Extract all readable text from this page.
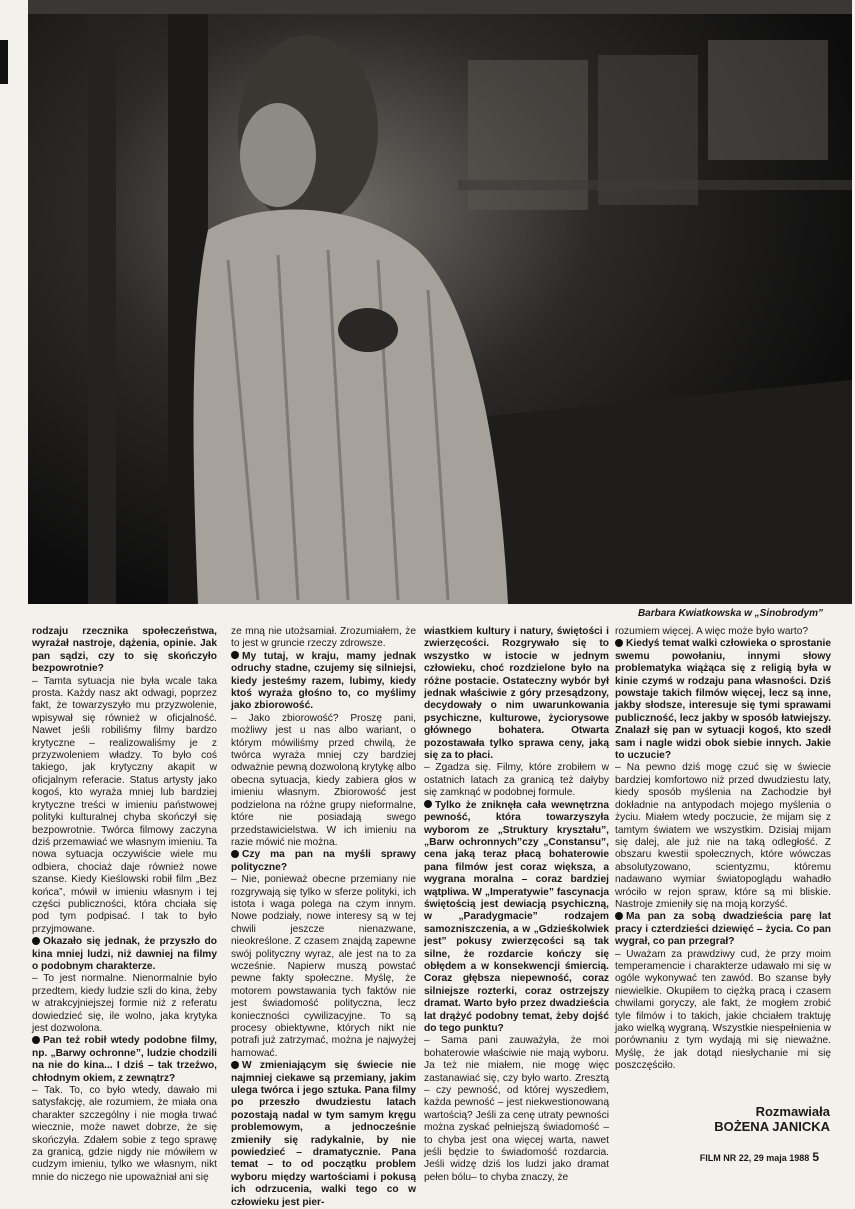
Barbara Kwiatkowska w „Sinobrodym”

rodzaju rzecznika społeczeństwa, wyrażał nastroje, dążenia, opinie. Jak pan sądzi, czy to się skończyło bezpowrotnie?

– Tamta sytuacja nie była wcale taka prosta. Każdy nasz akt odwagi, poprzez fakt, że towarzyszyło mu przyzwolenie, wpisywał się również w oficjalność. Nawet jeśli robiliśmy filmy bardzo krytyczne – realizowaliśmy je z przyzwoleniem władzy. To było coś takiego, jak krytyczny akapit w oficjalnym referacie. Status artysty jako kogoś, kto wyraża mniej lub bardziej krytyczne treści w imieniu państwowej polityki kulturalnej chyba skończył się bezpowrotnie. Twórca filmowy zaczyna dziś przemawiać we własnym imieniu. Ta nowa sytuacja oczywiście wiele mu odbiera, chociaż daje również nowe szanse. Kiedy Kieślowski robił film „Bez końca”, mówił w imieniu własnym i tej części publiczności, która chciała się pod tym podpisać. I tak to było przyjmowane.

Okazało się jednak, że przyszło do kina mniej ludzi, niż dawniej na filmy o podobnym charakterze.

– To jest normalne. Nienormalnie było przedtem, kiedy ludzie szli do kina, żeby w atrakcyjniejszej formie niż z referatu dowiedzieć się, ile wolno, jaka krytyka jest dozwolona.

Pan też robił wtedy podobne filmy, np. „Barwy ochronne”, ludzie chodzili na nie do kina... I dziś – tak trzeźwo, chłodnym okiem, z zewnątrz?

– Tak. To, co było wtedy, dawało mi satysfakcję, ale rozumiem, że miała ona charakter szczególny i nie mogła trwać wiecznie, może nawet dobrze, że się skończyła. Zdałem sobie z tego sprawę za granicą, gdzie nigdy nie mówiłem w cudzym imieniu, tylko we własnym, nikt mnie do niczego nie upoważniał ani się

ze mną nie utożsamiał. Zrozumiałem, że to jest w gruncie rzeczy zdrowsze.

My tutaj, w kraju, mamy jednak odruchy stadne, czujemy się silniejsi, kiedy jesteśmy razem, lubimy, kiedy ktoś wyraża głośno to, co myślimy jako zbiorowość.

– Jako zbiorowość? Proszę pani, możliwy jest u nas albo wariant, o którym mówiliśmy przed chwilą, że twórca wyraża mniej czy bardziej odważnie pewną dozwoloną krytykę albo obecna sytuacja, kiedy zabiera głos w imieniu własnym. Zbiorowość jest podzielona na różne grupy nieformalne, które nie posiadają swego przedstawicielstwa. W ich imieniu na razie mówić nie można.

Czy ma pan na myśli sprawy polityczne?

– Nie, ponieważ obecne przemiany nie rozgrywają się tylko w sferze polityki, ich istota i waga polega na czym innym. Nowe podziały, nowe interesy są w tej chwili jeszcze nienazwane, nieokreślone. Z czasem znajdą zapewne swój polityczny wyraz, ale jest na to za wcześnie. Napierw muszą powstać pewne fakty społeczne. Myślę, że motorem powstawania tych faktów nie jest świadomość polityczna, lecz konieczności cywilizacyjne. To są procesy obiektywne, których nikt nie potrafi już zatrzymać, można je najwyżej hamować.

W zmieniającym się świecie nie najmniej ciekawe są przemiany, jakim ulega twórca i jego sztuka. Pana filmy po przeszło dwudziestu latach pozostają nadal w tym samym kręgu problemowym, a jednocześnie zmieniły się radykalnie, by nie powiedzieć – dramatycznie. Pana temat – to od początku problem wyboru między wartościami i pokusą ich odrzucenia, walki tego co w człowieku jest pier-

wiastkiem kultury i natury, świętości i zwierzęcości. Rozgrywało się to wszystko w istocie w jednym człowieku, choć rozdzielone było na różne postacie. Ostateczny wybór był jednak właściwie z góry przesądzony, decydowały o nim uwarunkowania psychiczne, kulturowe, życiorysowe głównego bohatera. Otwarta pozostawała tylko sprawa ceny, jaką się za to płaci.

– Zgadza się. Filmy, które zrobiłem w ostatnich latach za granicą też dałyby się zamknąć w podobnej formule.

Tylko że zniknęła cała wewnętrzna pewność, która towarzyszyła wyborom ze „Struktury kryształu”, „Barw ochronnych”czy „Constansu”, cena jaką teraz płacą bohaterowie pana filmów jest coraz większa, a wygrana moralna – coraz bardziej wątpliwa. W „Imperatywie” fascynacja świętością jest dewiacją psychiczną, w „Paradygmacie” rodzajem samozniszczenia, a w „Gdzieśkolwiek jest” pokusy zwierzęcości są tak silne, że rozdarcie kończy się obłędem a w konsekwencji śmiercią. Coraz głębsza niepewność, coraz silniejsze rozterki, coraz ostrzejszy dramat. Warto było przez dwadzieścia lat drążyć podobny temat, żeby dojść do tego punktu?

– Sama pani zauważyła, że moi bohaterowie właściwie nie mają wyboru. Ja też nie miałem, nie mogę więc zastanawiać się, czy było warto. Zresztą – czy pewność, od której wyszedłem, każda pewność – jest niekwestionowaną wartością? Jeśli za cenę utraty pewności można zyskać pełniejszą świadomość – to chyba jest ona więcej warta, nawet jeśli będzie to świadomość rozdarcia. Jeśli widzę dziś los ludzi jako dramat pełen bólu– to chyba znaczy, że

rozumiem więcej. A więc może było warto?

Kiedyś temat walki człowieka o sprostanie swemu powołaniu, innymi słowy problematyka wiążąca się z religią była w kinie czymś w rodzaju pana własności. Dziś powstaje takich filmów więcej, lecz są inne, jakby słodsze, interesuje się tymi sprawami publiczność, lecz jakby w sposób łatwiejszy. Znalazł się pan w sytuacji kogoś, kto szedł sam i nagle widzi obok siebie innych. Jakie to uczucie?

– Na pewno dziś mogę czuć się w świecie bardziej komfortowo niż przed dwudziestu laty, kiedy sposób myślenia na Zachodzie był dokładnie na antypodach mojego myślenia o życiu. Miałem wtedy poczucie, że mijam się z tamtym światem we wszystkim. Dzisiaj mijam się dalej, ale już nie na taką odległość. Z obszaru kwestii społecznych, które wówczas absolutyzowano, scientyzmu, któremu nadawano wymiar światopoglądu wahadło wróciło w rejon spraw, które są mi bliskie. Nastroje zmieniły się na moją korzyść.

Ma pan za sobą dwadzieścia parę lat pracy i czterdzieści dziewięć – życia. Co pan wygrał, co pan przegrał?

– Uważam za prawdziwy cud, że przy moim temperamencie i charakterze udawało mi się w ogóle wykonywać ten zawód. Bo szanse były niewielkie. Okupiłem to ciężką pracą i czasem chwilami goryczy, ale fakt, że mogłem zrobić tyle filmów i to takich, jakie chciałem traktuję jako wielką wygraną. Wszystkie niespełnienia w porównaniu z tym wydają mi się nieważne. Myślę, że jak dotąd niesłychanie mi się poszczęściło.

Rozmawiała
BOŻENA JANICKA
FILM NR 22, 29 maja 1988 5
